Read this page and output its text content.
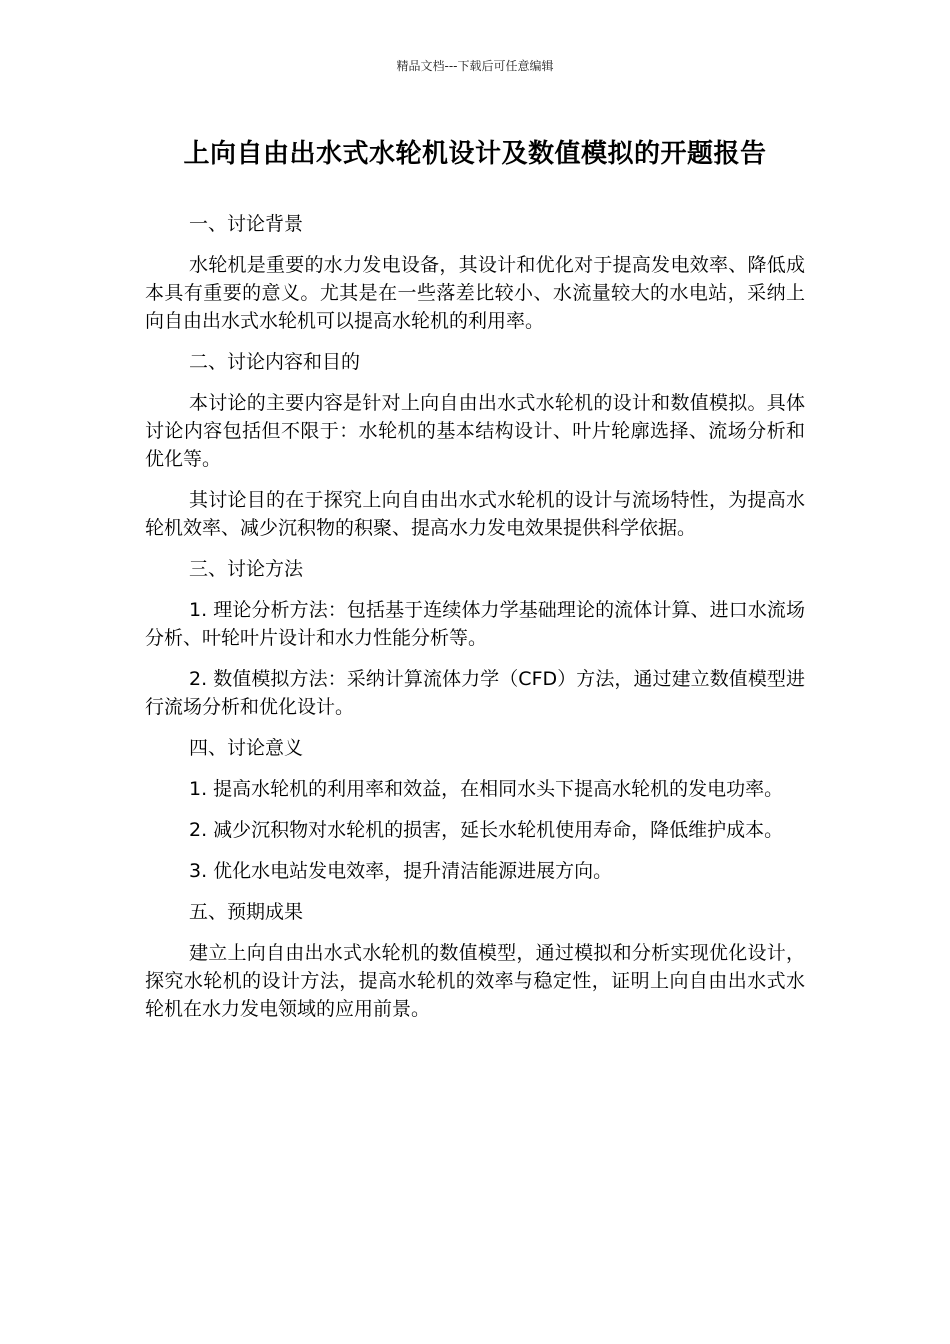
精品文档---下载后可任意编辑
上向自由出水式水轮机设计及数值模拟的开题报告

一、讨论背景

水轮机是重要的水力发电设备，其设计和优化对于提高发电效率、降低成本具有重要的意义。尤其是在一些落差比较小、水流量较大的水电站，采纳上向自由出水式水轮机可以提高水轮机的利用率。

二、讨论内容和目的

本讨论的主要内容是针对上向自由出水式水轮机的设计和数值模拟。具体讨论内容包括但不限于：水轮机的基本结构设计、叶片轮廓选择、流场分析和优化等。

其讨论目的在于探究上向自由出水式水轮机的设计与流场特性，为提高水轮机效率、减少沉积物的积聚、提高水力发电效果提供科学依据。

三、讨论方法

1. 理论分析方法：包括基于连续体力学基础理论的流体计算、进口水流场分析、叶轮叶片设计和水力性能分析等。

2. 数值模拟方法：采纳计算流体力学（CFD）方法，通过建立数值模型进行流场分析和优化设计。

四、讨论意义

1. 提高水轮机的利用率和效益，在相同水头下提高水轮机的发电功率。

2. 减少沉积物对水轮机的损害，延长水轮机使用寿命，降低维护成本。

3. 优化水电站发电效率，提升清洁能源进展方向。

五、预期成果

建立上向自由出水式水轮机的数值模型，通过模拟和分析实现优化设计，探究水轮机的设计方法，提高水轮机的效率与稳定性，证明上向自由出水式水轮机在水力发电领域的应用前景。
